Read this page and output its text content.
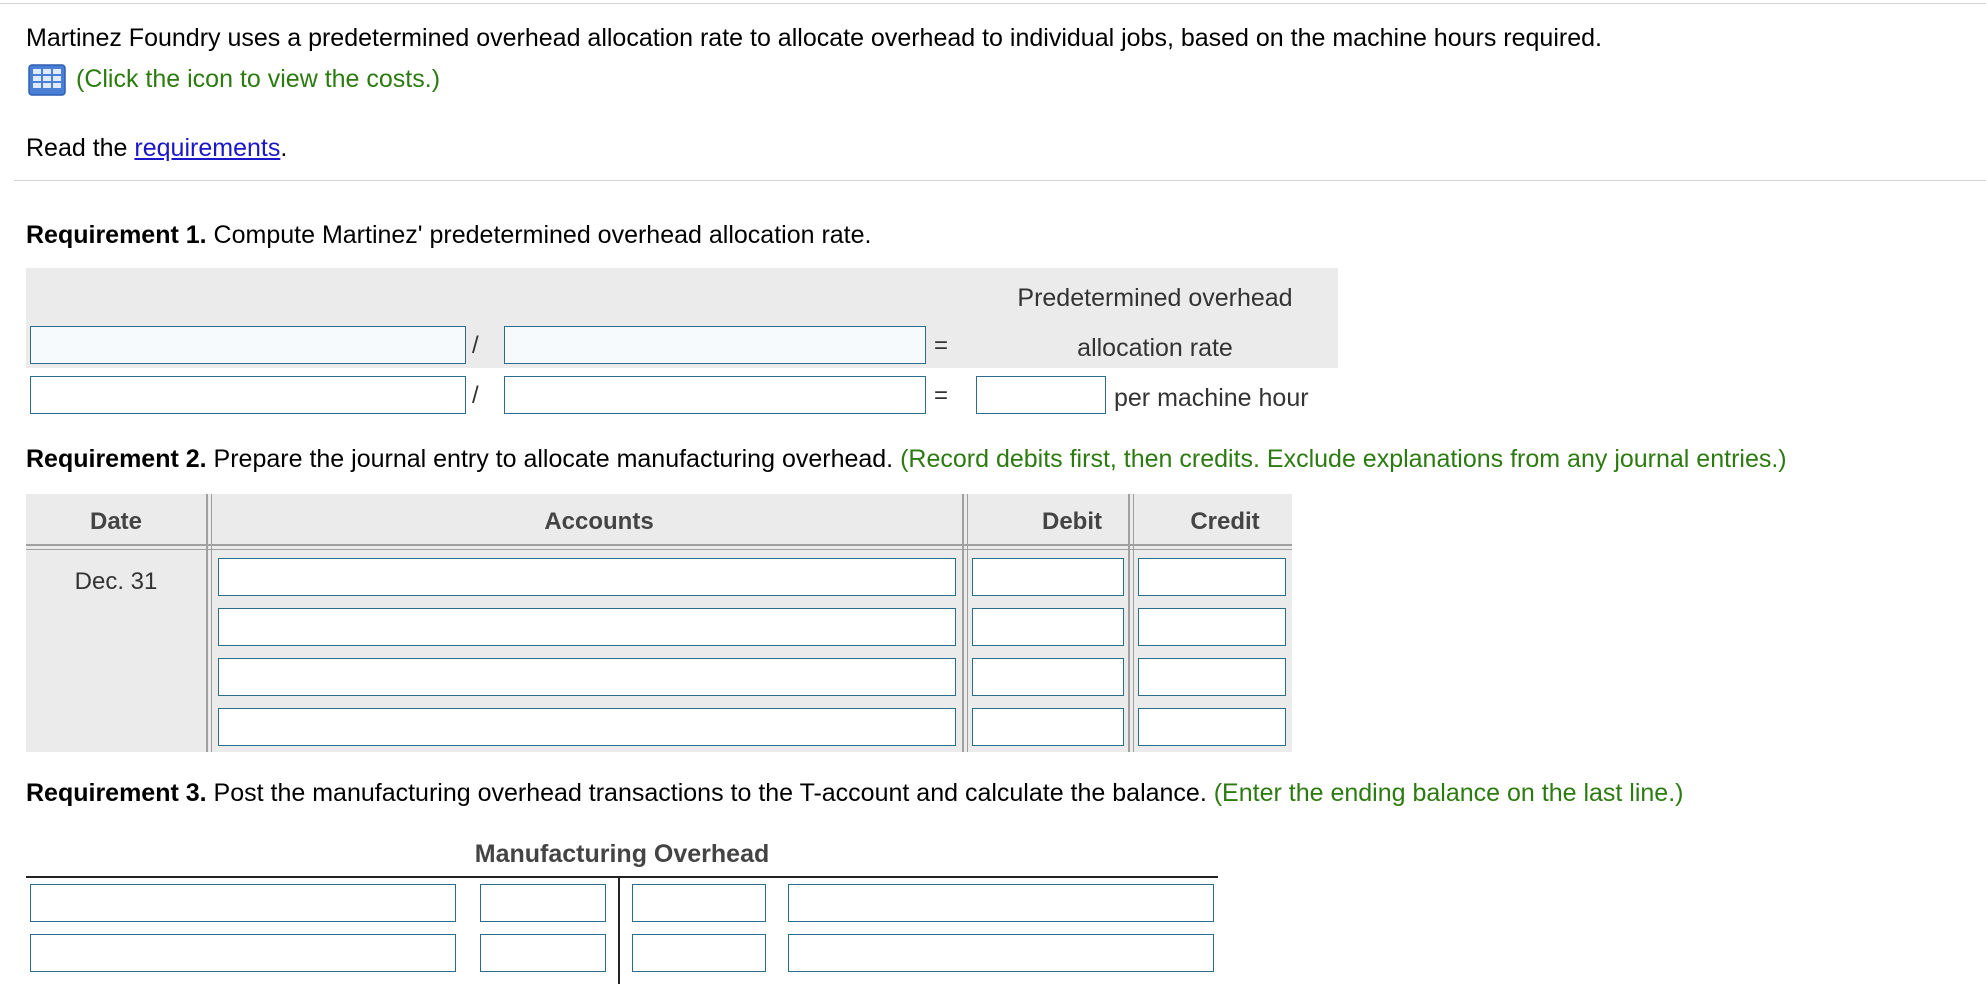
Martinez Foundry uses a predetermined overhead allocation rate to allocate overhead to individual jobs, based on the machine hours required.
(Click the icon to view the costs.)
Read the requirements.
Requirement 1. Compute Martinez' predetermined overhead allocation rate.
Predetermined overhead
allocation rate
/	=
/	=	per machine hour
Requirement 2. Prepare the journal entry to allocate manufacturing overhead. (Record debits first, then credits. Exclude explanations from any journal entries.)
Date	Accounts	Debit	Credit
Dec. 31
Requirement 3. Post the manufacturing overhead transactions to the T-account and calculate the balance. (Enter the ending balance on the last line.)
Manufacturing Overhead
